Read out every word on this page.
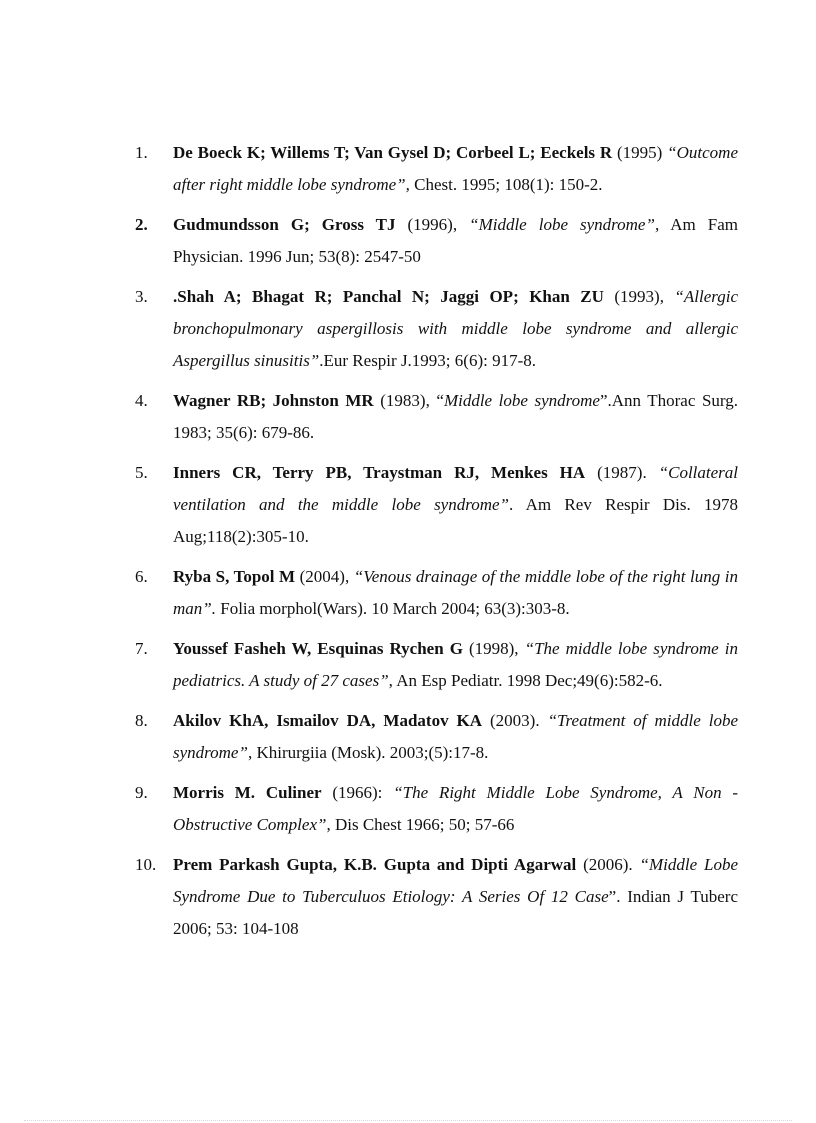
1. De Boeck K; Willems T; Van Gysel D; Corbeel L; Eeckels R (1995) “Outcome after right middle lobe syndrome”, Chest. 1995; 108(1): 150-2.
2. Gudmundsson G; Gross TJ (1996), “Middle lobe syndrome”, Am Fam Physician. 1996 Jun; 53(8): 2547-50
3. .Shah A; Bhagat R; Panchal N; Jaggi OP; Khan ZU (1993), “Allergic bronchopulmonary aspergillosis with middle lobe syndrome and allergic Aspergillus sinusitis”.Eur Respir J.1993; 6(6): 917-8.
4. Wagner RB; Johnston MR (1983), “Middle lobe syndrome”.Ann Thorac Surg. 1983; 35(6): 679-86.
5. Inners CR, Terry PB, Traystman RJ, Menkes HA (1987). “Collateral ventilation and the middle lobe syndrome”. Am Rev Respir Dis. 1978 Aug;118(2):305-10.
6. Ryba S, Topol M (2004), “Venous drainage of the middle lobe of the right lung in man”. Folia morphol(Wars). 10 March 2004; 63(3):303-8.
7. Youssef Fasheh W, Esquinas Rychen G (1998), “The middle lobe syndrome in pediatrics. A study of 27 cases”, An Esp Pediatr. 1998 Dec;49(6):582-6.
8. Akilov KhA, Ismailov DA, Madatov KA (2003). “Treatment of middle lobe syndrome”, Khirurgiia (Mosk). 2003;(5):17-8.
9. Morris M. Culiner (1966): “The Right Middle Lobe Syndrome, A Non -Obstructive Complex”, Dis Chest 1966; 50; 57-66
10. Prem Parkash Gupta, K.B. Gupta and Dipti Agarwal (2006). “Middle Lobe Syndrome Due to Tuberculuos Etiology: A Series Of 12 Case”. Indian J Tuberc 2006; 53: 104-108
